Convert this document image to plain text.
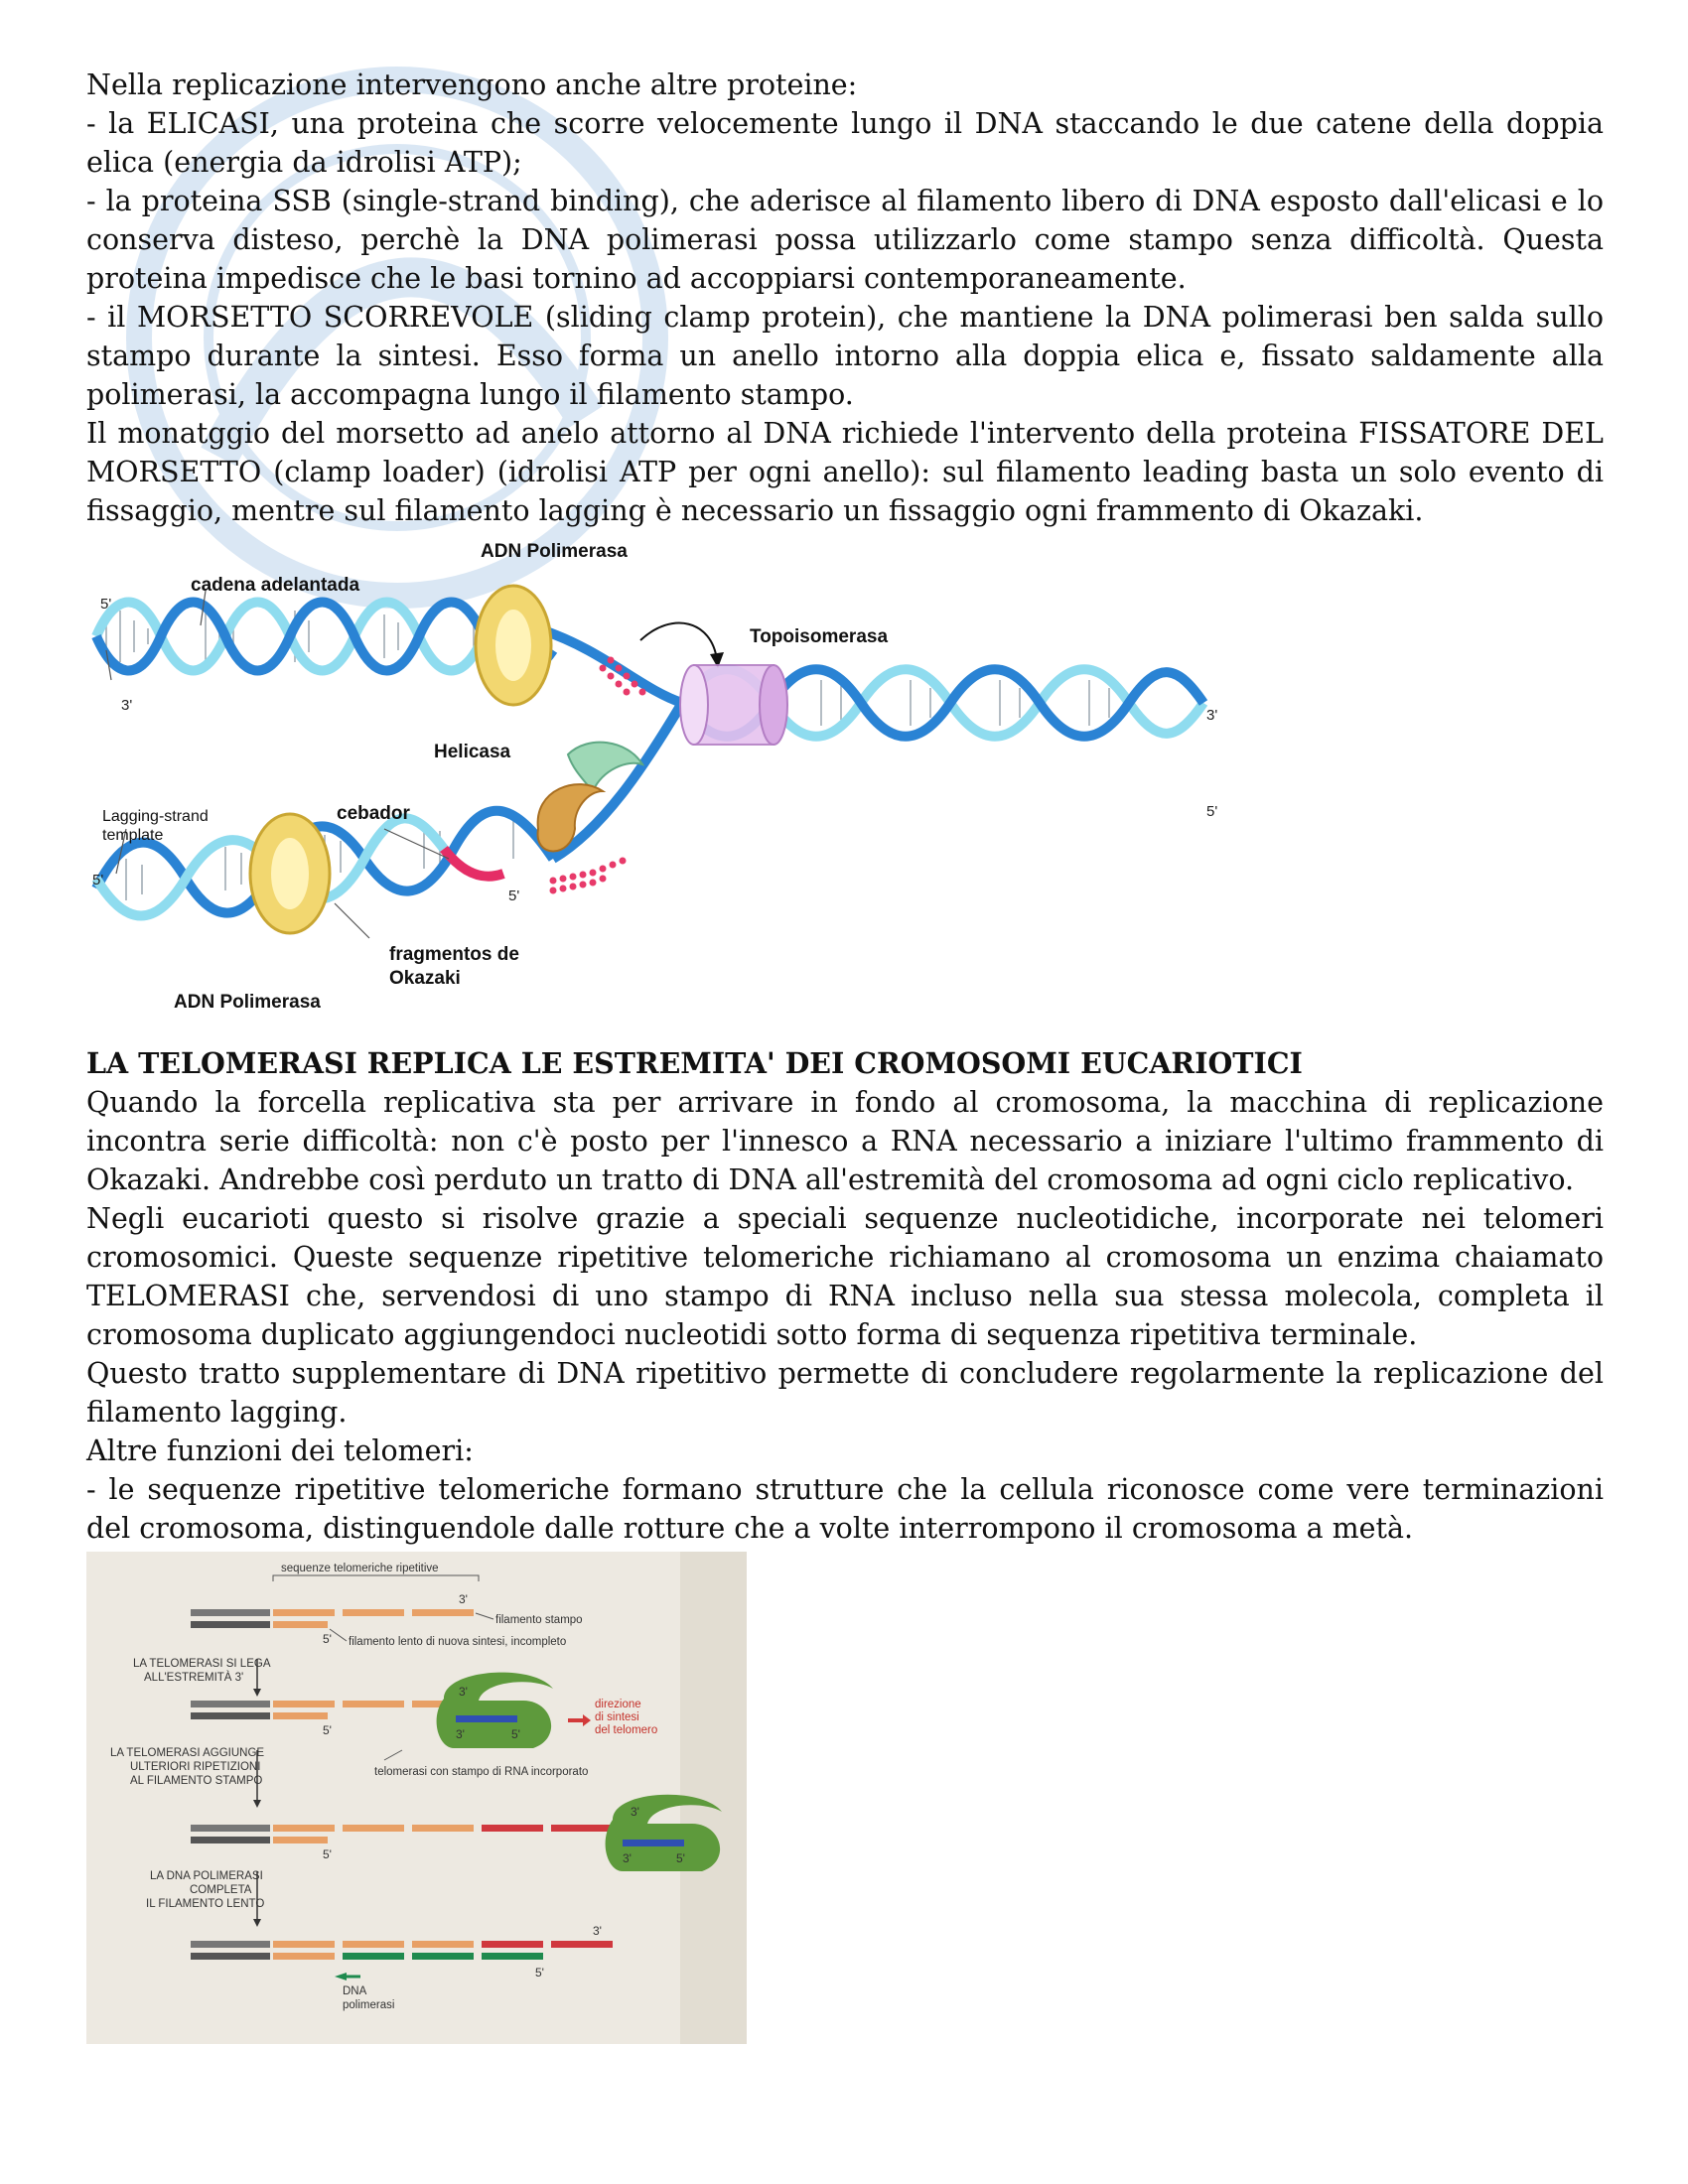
Nella replicazione intervengono anche altre proteine:

- la ELICASI, una proteina che scorre velocemente lungo il DNA staccando le due catene della doppia elica (energia da idrolisi ATP);

- la proteina SSB (single-strand binding), che aderisce al filamento libero di DNA esposto dall'elicasi e lo conserva disteso, perchè la DNA polimerasi possa utilizzarlo come stampo senza difficoltà. Questa proteina impedisce che le basi tornino ad accoppiarsi contemporaneamente.

- il MORSETTO SCORREVOLE (sliding clamp protein), che mantiene la DNA polimerasi ben salda sullo stampo durante la sintesi. Esso forma un anello intorno alla doppia elica e, fissato saldamente alla polimerasi, la accompagna lungo il filamento stampo.

Il monatggio del morsetto ad anelo attorno al DNA richiede l'intervento della proteina FISSATORE DEL MORSETTO (clamp loader) (idrolisi ATP per ogni anello): sul filamento leading basta un solo evento di fissaggio, mentre sul filamento lagging è necessario un fissaggio ogni frammento di Okazaki.

ADN Polimerasa
cadena adelantada
Topoisomerasa
Helicasa
cebador
Lagging-strand
template
fragmentos de
Okazaki
ADN Polimerasa
5'
3'
3'
5'
5'
5'

LA TELOMERASI REPLICA LE ESTREMITA' DEI CROMOSOMI EUCARIOTICI

Quando la forcella replicativa sta per arrivare in fondo al cromosoma, la macchina di replicazione incontra serie difficoltà: non c'è posto per l'innesco a RNA necessario a iniziare l'ultimo frammento di Okazaki. Andrebbe così perduto un tratto di DNA all'estremità del cromosoma ad ogni ciclo replicativo.

Negli eucarioti questo si risolve grazie a speciali sequenze nucleotidiche, incorporate nei telomeri cromosomici. Queste sequenze ripetitive telomeriche richiamano al cromosoma un enzima chaiamato TELOMERASI che, servendosi di uno stampo di RNA incluso nella sua stessa molecola, completa il cromosoma duplicato aggiungendoci nucleotidi sotto forma di sequenza ripetitiva terminale.

Questo tratto supplementare di DNA ripetitivo permette di concludere regolarmente la replicazione del filamento lagging.

Altre funzioni dei telomeri:

- le sequenze ripetitive telomeriche formano strutture che la cellula riconosce come vere terminazioni del cromosoma, distinguendole dalle rotture che a volte interrompono il cromosoma a metà.

sequenze telomeriche ripetitive
3'
5'
filamento stampo
filamento lento di nuova sintesi, incompleto
LA TELOMERASI SI LEGA
ALL'ESTREMITÀ 3'
3'
5'	3'	5'
direzione
di sintesi
del telomero
LA TELOMERASI AGGIUNGE
ULTERIORI RIPETIZIONI
AL FILAMENTO STAMPO
telomerasi con stampo di RNA incorporato
3'
5'	3'	5'
LA DNA POLIMERASI
COMPLETA
IL FILAMENTO LENTO
3'
5'
DNA
polimerasi
